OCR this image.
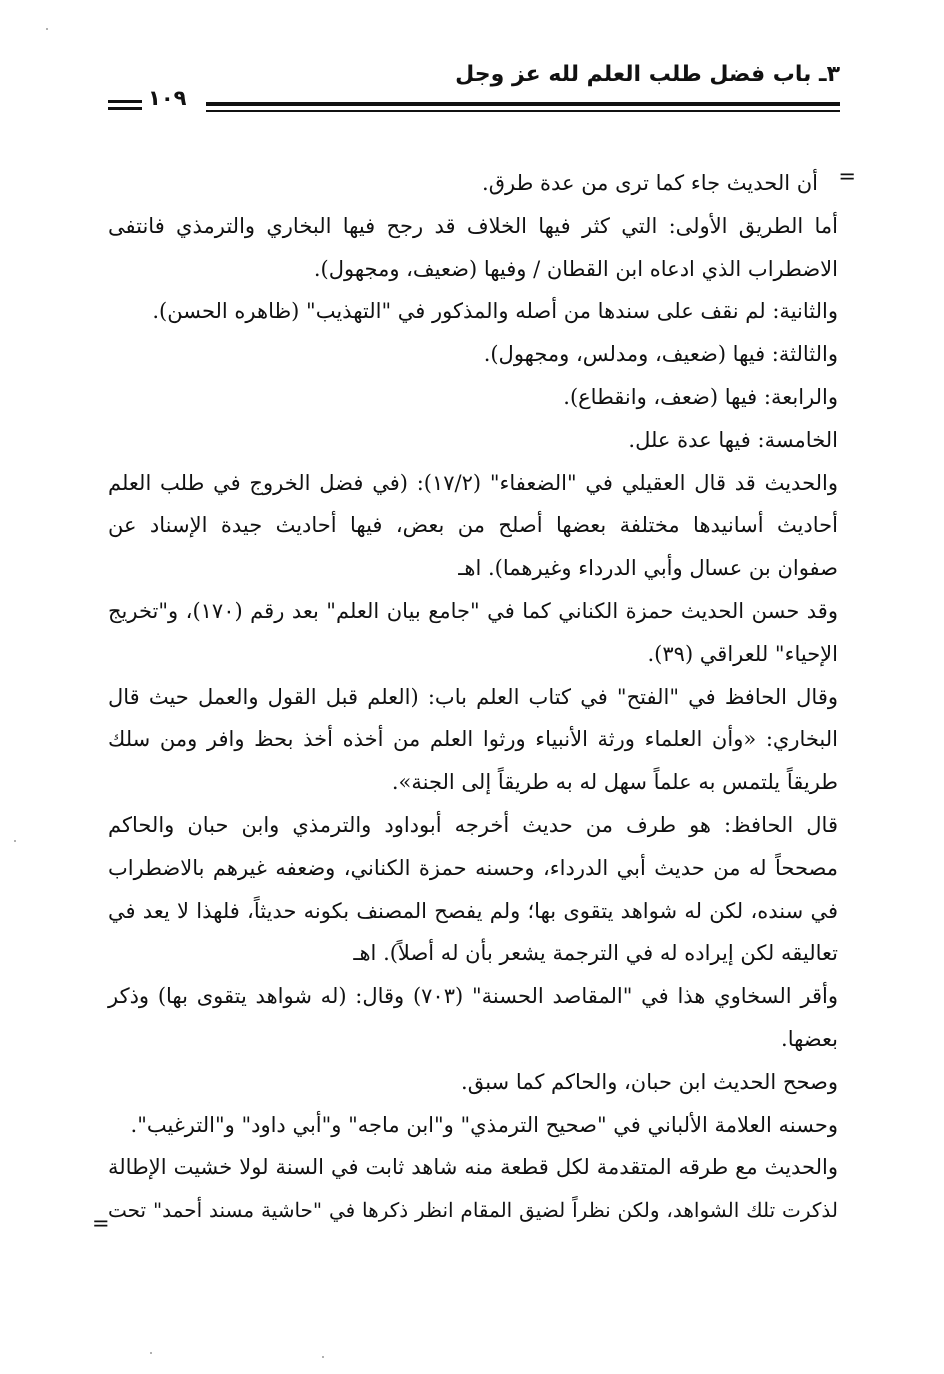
٣ـ باب فضل طلب العلم لله عز وجل
١٠٩
=
=
أن الحديث جاء كما ترى من عدة طرق.
أما الطريق الأولى: التي كثر فيها الخلاف قد رجح فيها البخاري والترمذي فانتفى
الاضطراب الذي ادعاه ابن القطان / وفيها (ضعيف، ومجهول).
والثانية: لم نقف على سندها من أصله والمذكور في "التهذيب" (ظاهره الحسن).
والثالثة: فيها (ضعيف، ومدلس، ومجهول).
والرابعة: فيها (ضعف، وانقطاع).
الخامسة: فيها عدة علل.
والحديث قد قال العقيلي في "الضعفاء" (١٧/٢): (في فضل الخروج في طلب العلم
أحاديث أسانيدها مختلفة بعضها أصلح من بعض، فيها أحاديث جيدة الإسناد عن
صفوان بن عسال وأبي الدرداء وغيرهما). اهـ
وقد حسن الحديث حمزة الكناني كما في "جامع بيان العلم" بعد رقم (١٧٠)، و"تخريج
الإحياء" للعراقي (٣٩).
وقال الحافظ في "الفتح" في كتاب العلم باب: (العلم قبل القول والعمل حيث قال
البخاري: «وأن العلماء ورثة الأنبياء ورثوا العلم من أخذه أخذ بحظ وافر ومن سلك
طريقاً يلتمس به علماً سهل له به طريقاً إلى الجنة».
قال الحافظ: هو طرف من حديث أخرجه أبوداود والترمذي وابن حبان والحاكم
مصححاً له من حديث أبي الدرداء، وحسنه حمزة الكناني، وضعفه غيرهم بالاضطراب
في سنده، لكن له شواهد يتقوى بها؛ ولم يفصح المصنف بكونه حديثاً، فلهذا لا يعد في
تعاليقه لكن إيراده له في الترجمة يشعر بأن له أصلاً). اهـ
وأقر السخاوي هذا في "المقاصد الحسنة" (٧٠٣) وقال: (له شواهد يتقوى بها) وذكر
بعضها.
وصحح الحديث ابن حبان، والحاكم كما سبق.
وحسنه العلامة الألباني في "صحيح الترمذي" و"ابن ماجه" و"أبي داود" و"الترغيب".
والحديث مع طرقه المتقدمة لكل قطعة منه شاهد ثابت في السنة لولا خشيت الإطالة
لذكرت تلك الشواهد، ولكن نظراً لضيق المقام انظر ذكرها في "حاشية مسند أحمد" تحت
